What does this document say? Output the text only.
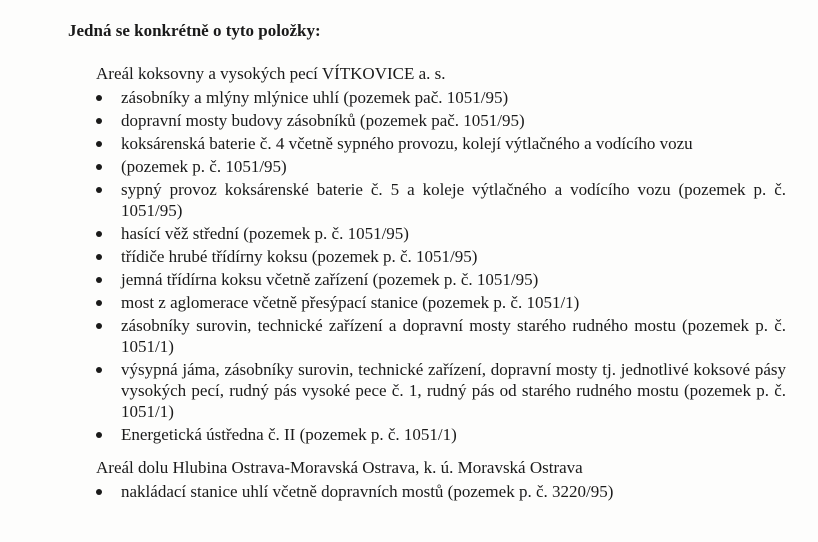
Jedná se konkrétně o tyto položky:

Areál koksovny a vysokých pecí VÍTKOVICE a. s.

zásobníky a mlýny mlýnice uhlí (pozemek pač. 1051/95)
dopravní mosty budovy zásobníků (pozemek pač. 1051/95)
koksárenská baterie č. 4 včetně sypného provozu, kolejí výtlačného a vodícího vozu
(pozemek p. č. 1051/95)
sypný provoz koksárenské baterie č. 5 a koleje výtlačného a vodícího vozu (pozemek p. č. 1051/95)
hasící věž střední (pozemek p. č. 1051/95)
třídiče hrubé třídírny koksu (pozemek p. č. 1051/95)
jemná třídírna koksu včetně zařízení (pozemek p. č. 1051/95)
most z aglomerace včetně přesýpací stanice (pozemek p. č. 1051/1)
zásobníky surovin, technické zařízení a dopravní mosty starého rudného mostu (pozemek p. č. 1051/1)
výsypná jáma, zásobníky surovin, technické zařízení, dopravní mosty tj. jednotlivé koksové pásy vysokých pecí, rudný pás vysoké pece č. 1, rudný pás od starého rudného mostu (pozemek p. č. 1051/1)
Energetická ústředna č. II (pozemek p. č. 1051/1)

Areál dolu Hlubina Ostrava-Moravská Ostrava, k. ú. Moravská Ostrava

nakládací stanice uhlí včetně dopravních mostů (pozemek p. č. 3220/95)
